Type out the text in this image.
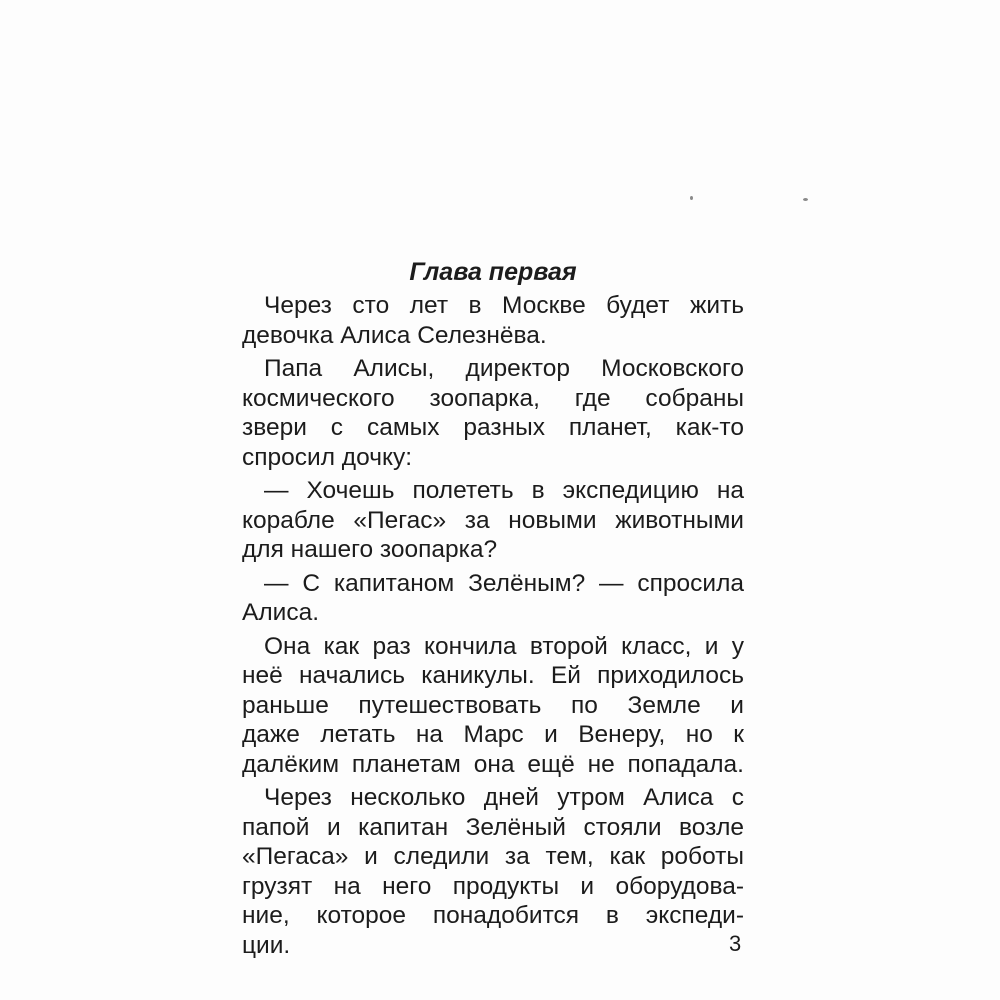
Глава первая
Через сто лет в Москве будет жить
девочка Алиса Селезнёва.
Папа Алисы, директор Московского
космического зоопарка, где собраны
звери с самых разных планет, как-то
спросил дочку:
— Хочешь полететь в экспедицию на
корабле «Пегас» за новыми животными
для нашего зоопарка?
— С капитаном Зелёным? — спросила
Алиса.
Она как раз кончила второй класс, и у
неё начались каникулы. Ей приходилось
раньше путешествовать по Земле и
даже летать на Марс и Венеру, но к
далёким планетам она ещё не попадала.
Через несколько дней утром Алиса с
папой и капитан Зелёный стояли возле
«Пегаса» и следили за тем, как роботы
грузят на него продукты и оборудова-
ние, которое понадобится в экспеди-
ции.	3
